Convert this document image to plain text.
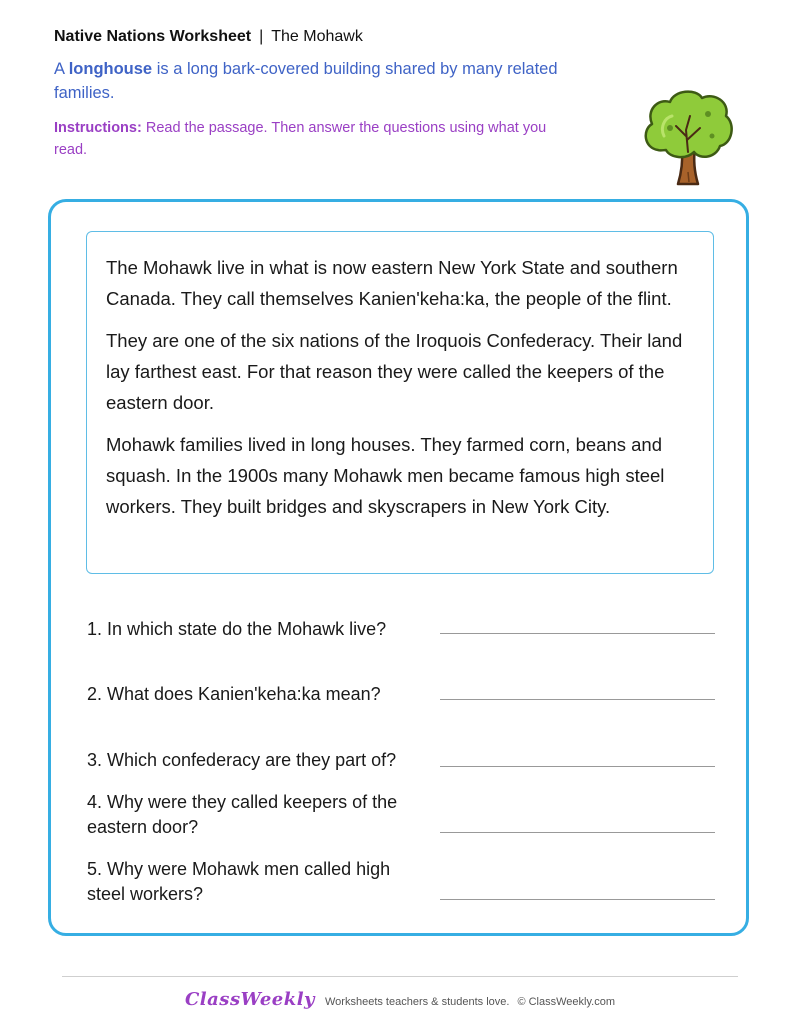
Native Nations Worksheet | The Mohawk
A longhouse is a long bark-covered building shared by many related families.
Instructions: Read the passage. Then answer the questions using what you read.

The Mohawk live in what is now eastern New York State and southern Canada. They call themselves Kanien'keha:ka, the people of the flint.

They are one of the six nations of the Iroquois Confederacy. Their land lay farthest east. For that reason they were called the keepers of the eastern door.

Mohawk families lived in long houses. They farmed corn, beans and squash. In the 1900s many Mohawk men became famous high steel workers. They built bridges and skyscrapers in New York City.

1. In which state do the Mohawk live?
2. What does Kanien'keha:ka mean?
3. Which confederacy are they part of?
4. Why were they called keepers of the eastern door?
5. Why were Mohawk men called high steel workers?
ClassWeekly Worksheets teachers & students love. © ClassWeekly.com
